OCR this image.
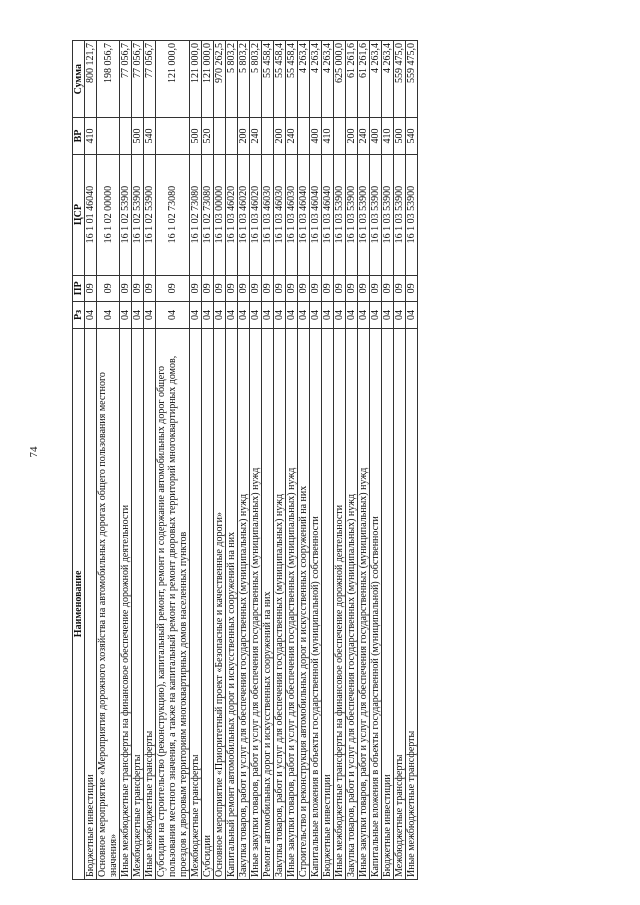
74
Наименование	Рз	ПР	ЦСР	ВР	Сумма
Бюджетные инвестиции	04	09	16 1 01 46040	410	800 121,7
Основное мероприятие «Мероприятия дорожного хозяйства на автомобильных дорогах общего пользования местного значения»	04	09	16 1 02 00000		198 056,7
Иные межбюджетные трансферты на финансовое обеспечение дорожной деятельности	04	09	16 1 02 53900		77 056,7
Межбюджетные трансферты	04	09	16 1 02 53900	500	77 056,7
Иные межбюджетные трансферты	04	09	16 1 02 53900	540	77 056,7
Субсидии на строительство (реконструкцию), капитальный ремонт, ремонт и содержание автомобильных дорог общего пользования местного значения, а также на капитальный ремонт и ремонт дворовых территорий многоквартирных домов, проездов к дворовым территориям многоквартирных домов населенных пунктов	04	09	16 1 02 73080		121 000,0
Межбюджетные трансферты	04	09	16 1 02 73080	500	121 000,0
Субсидии	04	09	16 1 02 73080	520	121 000,0
Основное мероприятие «Приоритетный проект «Безопасные и качественные дороги»	04	09	16 1 03 00000		970 262,5
Капитальный ремонт автомобильных дорог и искусственных сооружений на них	04	09	16 1 03 46020		5 803,2
Закупка товаров, работ и услуг для обеспечения государственных (муниципальных) нужд	04	09	16 1 03 46020	200	5 803,2
Иные закупки товаров, работ и услуг для обеспечения государственных (муниципальных) нужд	04	09	16 1 03 46020	240	5 803,2
Ремонт автомобильных дорог и искусственных сооружений на них	04	09	16 1 03 46030		55 458,4
Закупка товаров, работ и услуг для обеспечения государственных (муниципальных) нужд	04	09	16 1 03 46030	200	55 458,4
Иные закупки товаров, работ и услуг для обеспечения государственных (муниципальных) нужд	04	09	16 1 03 46030	240	55 458,4
Строительство и реконструкция автомобильных дорог и искусственных сооружений на них	04	09	16 1 03 46040		4 263,4
Капитальные вложения в объекты государственной (муниципальной) собственности	04	09	16 1 03 46040	400	4 263,4
Бюджетные инвестиции	04	09	16 1 03 46040	410	4 263,4
Иные межбюджетные трансферты на финансовое обеспечение дорожной деятельности	04	09	16 1 03 53900		625 000,0
Закупка товаров, работ и услуг для обеспечения государственных (муниципальных) нужд	04	09	16 1 03 53900	200	61 261,6
Иные закупки товаров, работ и услуг для обеспечения государственных (муниципальных) нужд	04	09	16 1 03 53900	240	61 261,6
Капитальные вложения в объекты государственной (муниципальной) собственности	04	09	16 1 03 53900	400	4 263,4
Бюджетные инвестиции	04	09	16 1 03 53900	410	4 263,4
Межбюджетные трансферты	04	09	16 1 03 53900	500	559 475,0
Иные межбюджетные трансферты	04	09	16 1 03 53900	540	559 475,0
